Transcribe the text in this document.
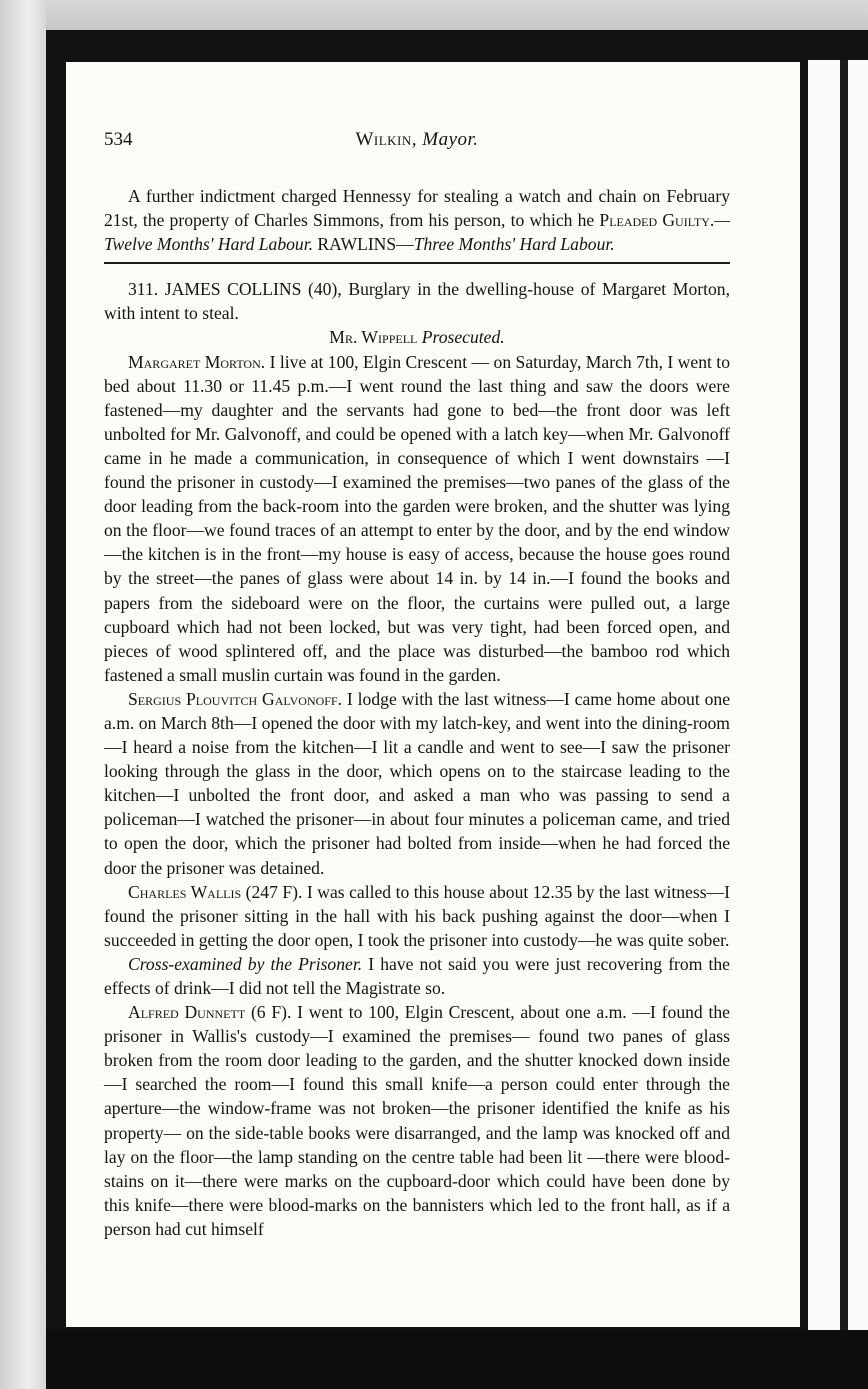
534	Wilkin, Mayor.

A further indictment charged Hennessy for stealing a watch and chain on February 21st, the property of Charles Simmons, from his person, to which he Pleaded Guilty.—Twelve Months' Hard Labour. RAWLINS—Three Months' Hard Labour.

311. JAMES COLLINS (40), Burglary in the dwelling-house of Margaret Morton, with intent to steal.

Mr. Wippell Prosecuted.

Margaret Morton. I live at 100, Elgin Crescent — on Saturday, March 7th, I went to bed about 11.30 or 11.45 p.m.—I went round the last thing and saw the doors were fastened—my daughter and the servants had gone to bed—the front door was left unbolted for Mr. Galvonoff, and could be opened with a latch key—when Mr. Galvonoff came in he made a communication, in consequence of which I went downstairs —I found the prisoner in custody—I examined the premises—two panes of the glass of the door leading from the back-room into the garden were broken, and the shutter was lying on the floor—we found traces of an attempt to enter by the door, and by the end window—the kitchen is in the front—my house is easy of access, because the house goes round by the street—the panes of glass were about 14 in. by 14 in.—I found the books and papers from the sideboard were on the floor, the curtains were pulled out, a large cupboard which had not been locked, but was very tight, had been forced open, and pieces of wood splintered off, and the place was disturbed—the bamboo rod which fastened a small muslin curtain was found in the garden.

Sergius Plouvitch Galvonoff. I lodge with the last witness—I came home about one a.m. on March 8th—I opened the door with my latch-key, and went into the dining-room—I heard a noise from the kitchen—I lit a candle and went to see—I saw the prisoner looking through the glass in the door, which opens on to the staircase leading to the kitchen—I unbolted the front door, and asked a man who was passing to send a policeman—I watched the prisoner—in about four minutes a policeman came, and tried to open the door, which the prisoner had bolted from inside—when he had forced the door the prisoner was detained.

Charles Wallis (247 F). I was called to this house about 12.35 by the last witness—I found the prisoner sitting in the hall with his back pushing against the door—when I succeeded in getting the door open, I took the prisoner into custody—he was quite sober.

Cross-examined by the Prisoner. I have not said you were just recovering from the effects of drink—I did not tell the Magistrate so.

Alfred Dunnett (6 F). I went to 100, Elgin Crescent, about one a.m. —I found the prisoner in Wallis's custody—I examined the premises— found two panes of glass broken from the room door leading to the garden, and the shutter knocked down inside—I searched the room—I found this small knife—a person could enter through the aperture—the window-frame was not broken—the prisoner identified the knife as his property— on the side-table books were disarranged, and the lamp was knocked off and lay on the floor—the lamp standing on the centre table had been lit —there were blood-stains on it—there were marks on the cupboard-door which could have been done by this knife—there were blood-marks on the bannisters which led to the front hall, as if a person had cut himself
